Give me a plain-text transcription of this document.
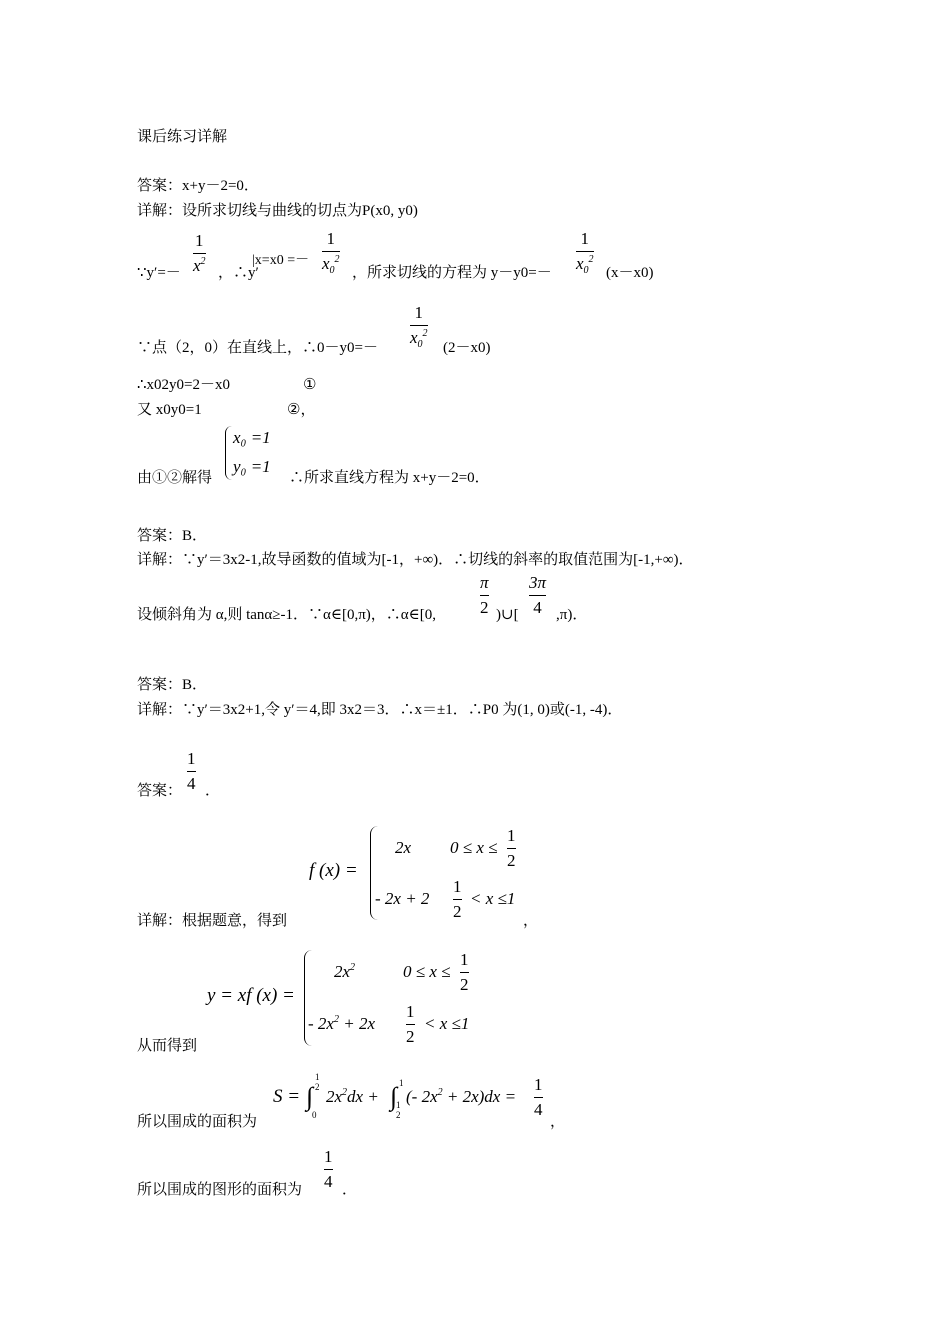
课后练习详解
答案：x+y－2=0．
详解：设所求切线与曲线的切点为P(x0, y0)
∵y′=－
1
$x^2$
，∴y′
|x=x0 =－
1
$x_0^2$
，所求切线的方程为 y－y0=－
1
$x_0^2$
(x－x0)
∵点（2，0）在直线上，∴0－y0=－
1
$x_0^2$
(2－x0)
∴x02y0=2－x0	①
又 x0y0=1	②，
由①②解得
x₀ =1
y₀ =1
∴所求直线方程为 x+y－2=0．
答案：B．
详解：∵y′＝3x2-1,故导函数的值域为[-1，+∞)．∴切线的斜率的取值范围为[-1,+∞)．
设倾斜角为 α,则 tanα≥-1．∵α∈[0,π)，∴α∈[0,
π
2 )∪[
3π
4 ,π)．
答案：B．
详解：∵y′＝3x2+1,令 y′＝4,即 3x2＝3．∴x＝±1．∴P0 为(1, 0)或(-1, -4)．
答案：
1
4 ．
详解：根据题意，得到
f (x) =
2x 0 ≤ x ≤
1
2
- 2x + 2
1
2
< x ≤1
，
从而得到
y = xf (x) =
$2x^2$	0 ≤ x ≤
1
2
- $2x^2 + 2x$
1
2
< x ≤1
所以围成的面积为
S = ∫
1
2
0
$2x^2dx$ + ∫ 1
1
2
(- $2x^2 + 2x)dx$ =
1
4
，
所以围成的图形的面积为
1
4 ．
